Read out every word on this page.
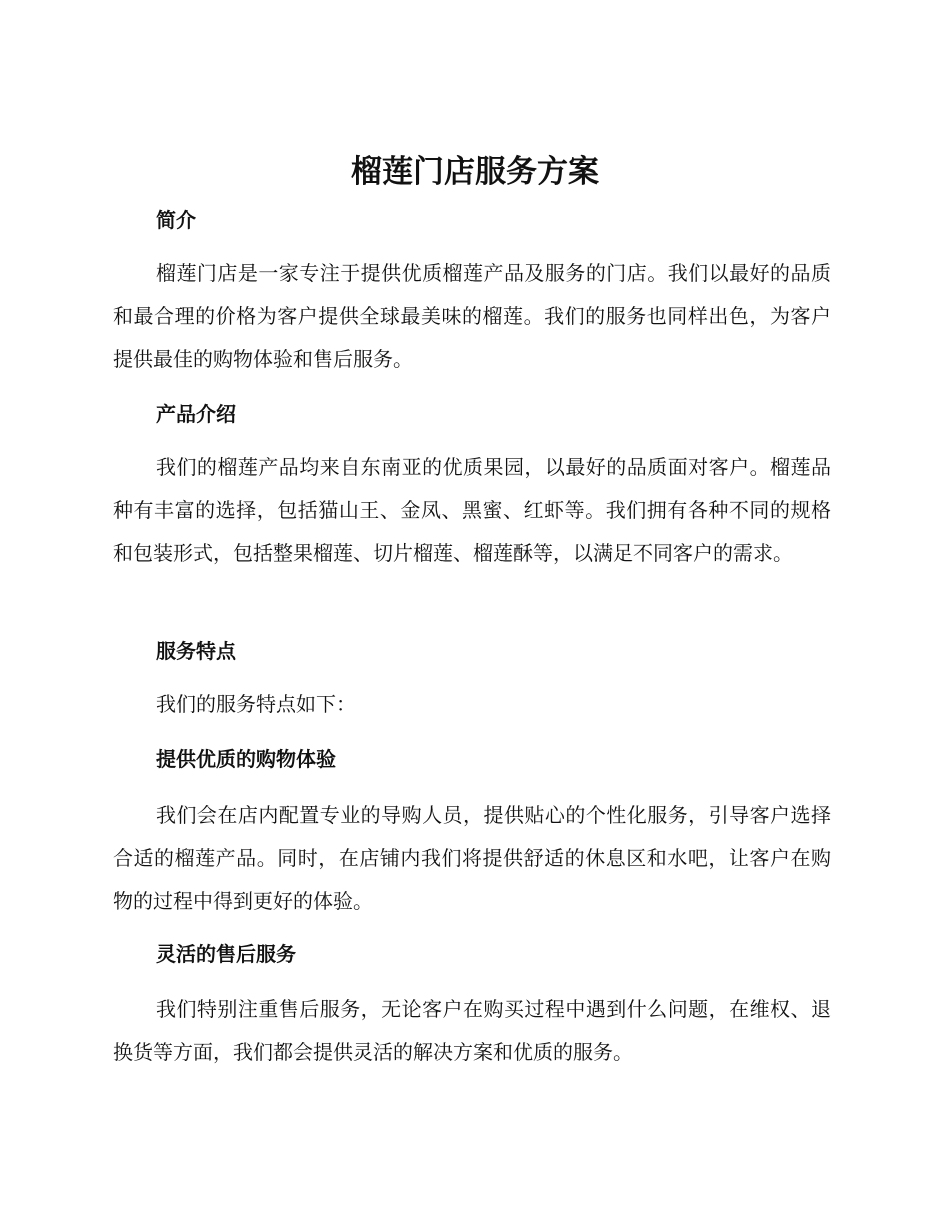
榴莲门店服务方案
简介

榴莲门店是一家专注于提供优质榴莲产品及服务的门店。我们以最好的品质和最合理的价格为客户提供全球最美味的榴莲。我们的服务也同样出色，为客户提供最佳的购物体验和售后服务。

产品介绍

我们的榴莲产品均来自东南亚的优质果园，以最好的品质面对客户。榴莲品种有丰富的选择，包括猫山王、金凤、黑蜜、红虾等。我们拥有各种不同的规格和包装形式，包括整果榴莲、切片榴莲、榴莲酥等，以满足不同客户的需求。

服务特点

我们的服务特点如下：

提供优质的购物体验

我们会在店内配置专业的导购人员，提供贴心的个性化服务，引导客户选择合适的榴莲产品。同时，在店铺内我们将提供舒适的休息区和水吧，让客户在购物的过程中得到更好的体验。

灵活的售后服务

我们特别注重售后服务，无论客户在购买过程中遇到什么问题，在维权、退换货等方面，我们都会提供灵活的解决方案和优质的服务。
